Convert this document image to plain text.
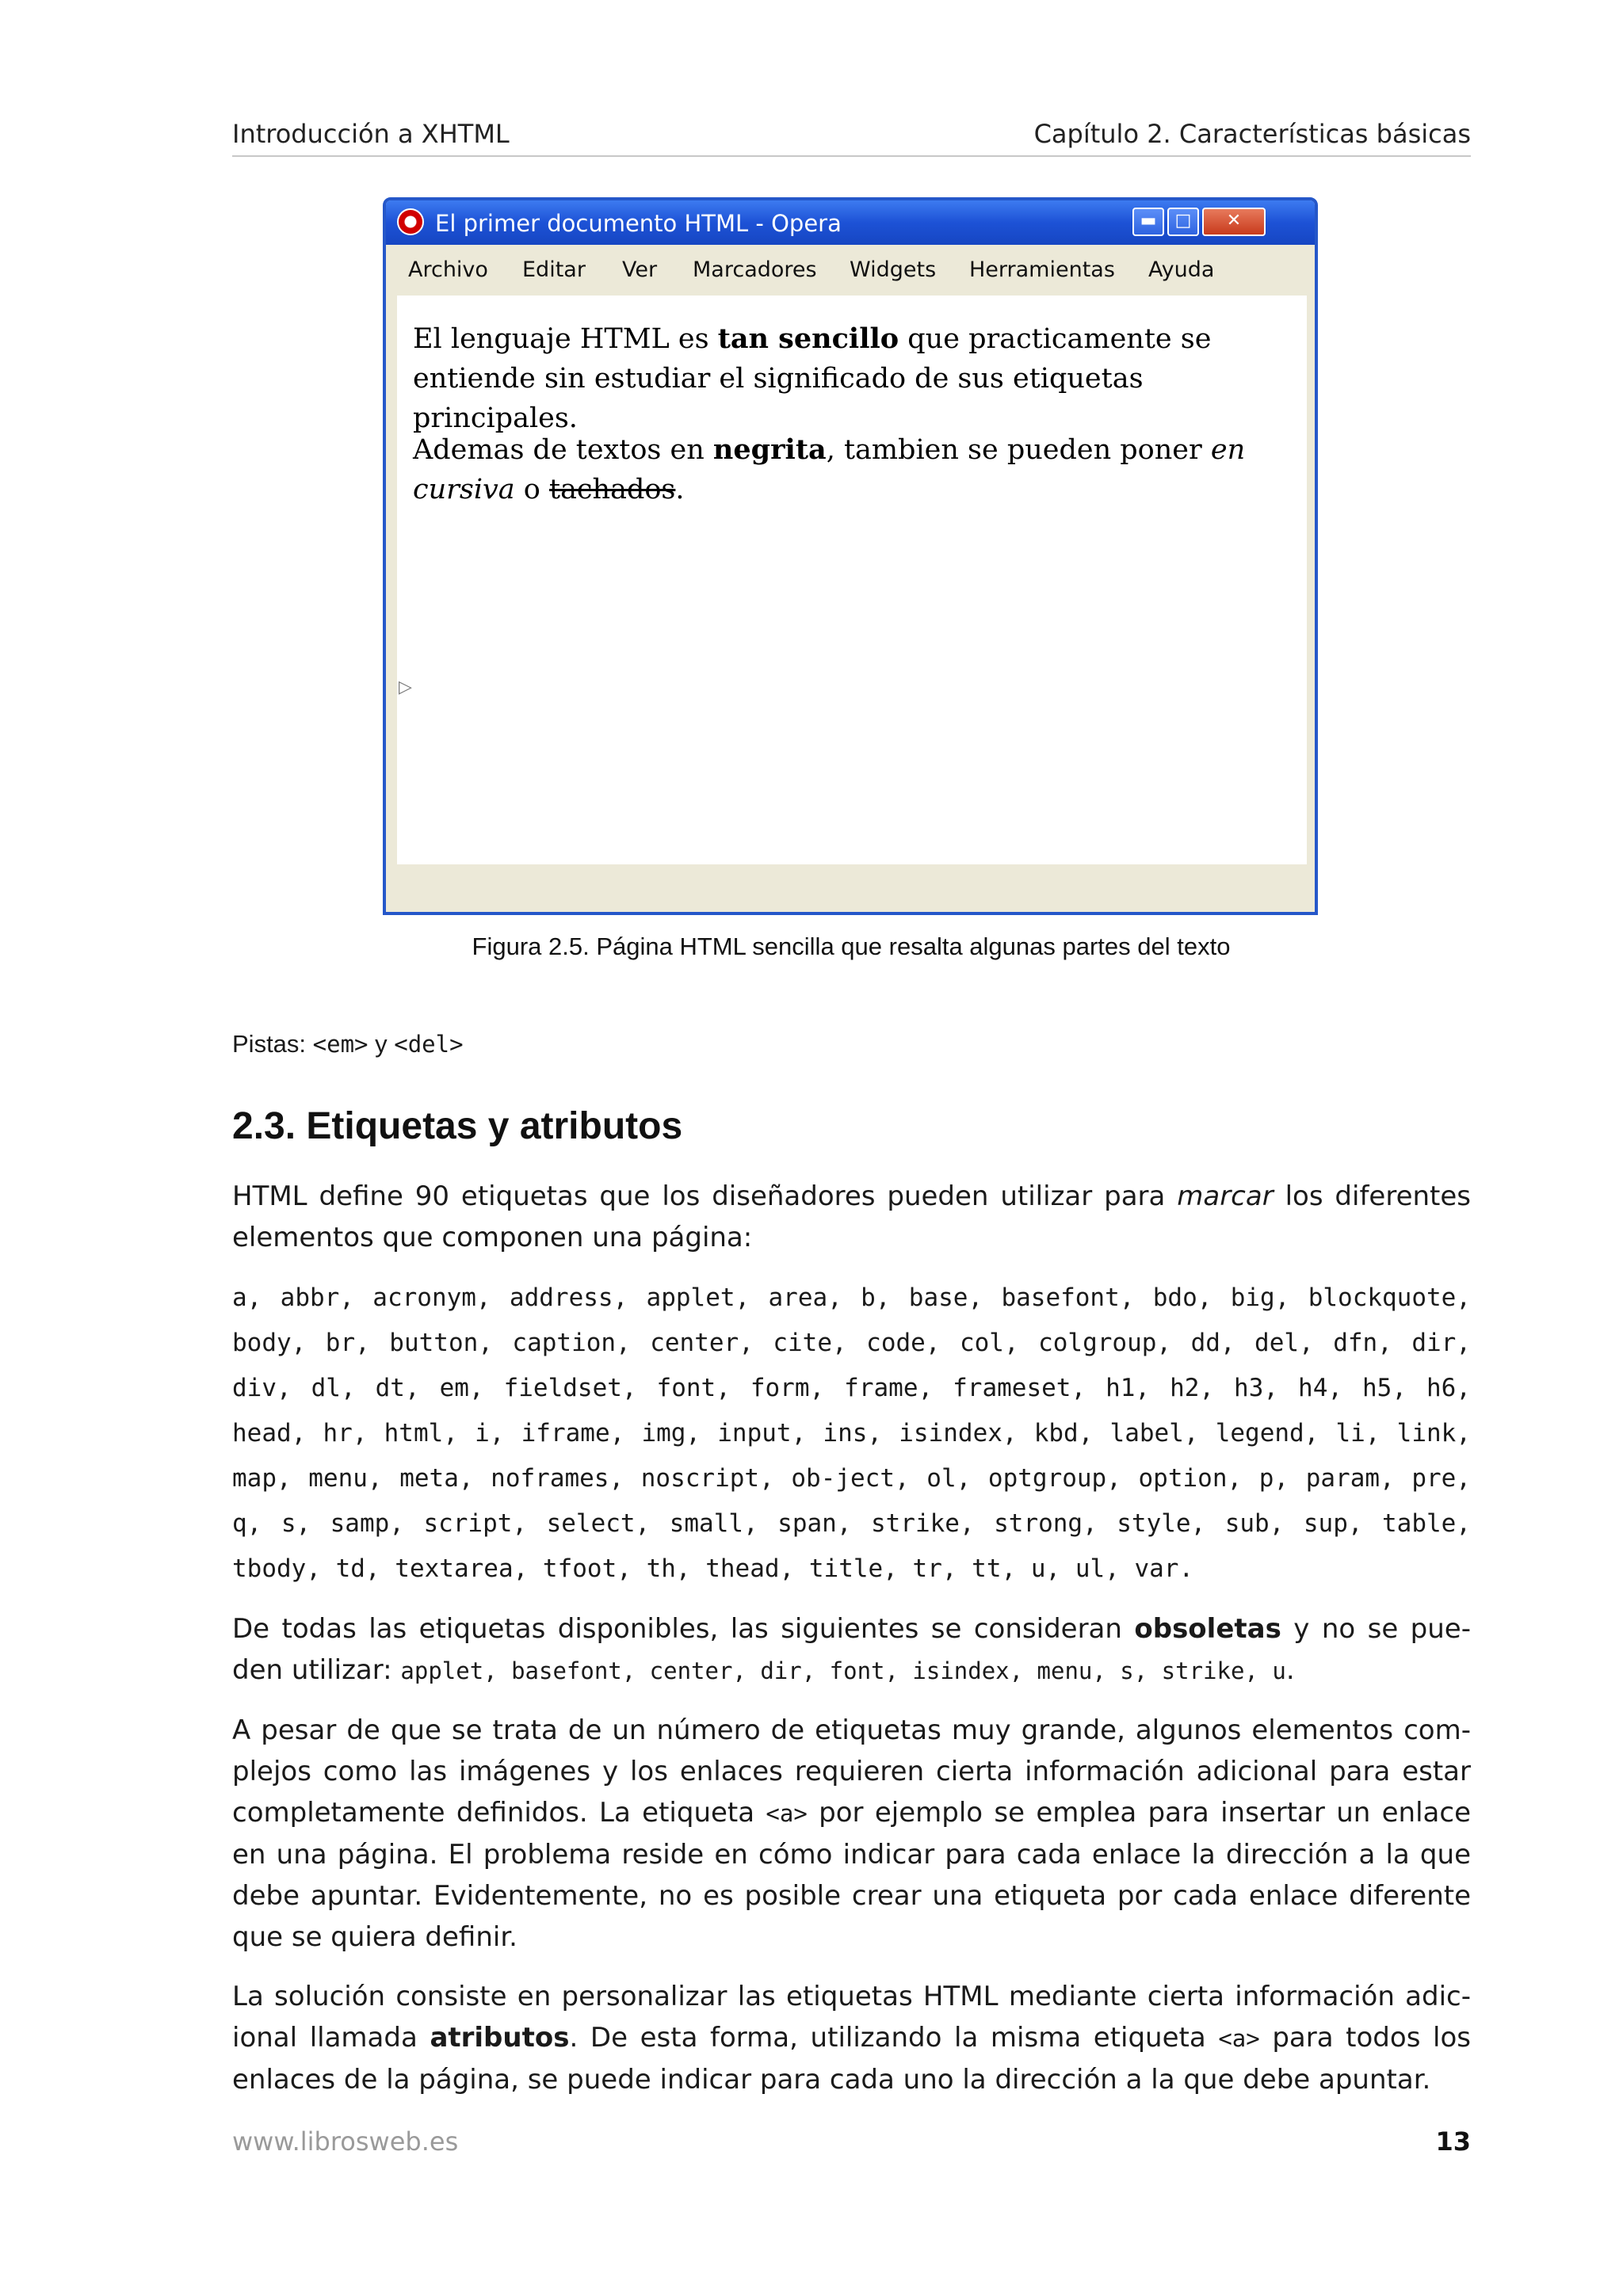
Introducción a XHTML	Capítulo 2. Características básicas
El primer documento HTML - Opera	▬	□	✕
Archivo Editar Ver Marcadores Widgets Herramientas Ayuda
▷

El lenguaje HTML es tan sencillo que practicamente se entiende sin estudiar el significado de sus etiquetas principales.

Ademas de textos en negrita, tambien se pueden poner en cursiva o tachados.

Figura 2.5. Página HTML sencilla que resalta algunas partes del texto
Pistas: <em> y <del>
2.3. Etiquetas y atributos

HTML define 90 etiquetas que los diseñadores pueden utilizar para marcar los diferentes elementos que componen una página:

a, abbr, acronym, address, applet, area, b, base, basefont, bdo, big, blockquote, body, br, button, caption, center, cite, code, col, colgroup, dd, del, dfn, dir, div, dl, dt, em, fieldset, font, form, frame, frameset, h1, h2, h3, h4, h5, h6, head, hr, html, i, iframe, img, input, ins, isindex, kbd, label, legend, li, link, map, menu, meta, noframes, noscript, ob-ject, ol, optgroup, option, p, param, pre, q, s, samp, script, select, small, span, strike, strong, style, sub, sup, table, tbody, td, textarea, tfoot, th, thead, title, tr, tt, u, ul, var.

De todas las etiquetas disponibles, las siguientes se consideran obsoletas y no se pue-den utilizar: applet, basefont, center, dir, font, isindex, menu, s, strike, u.

A pesar de que se trata de un número de etiquetas muy grande, algunos elementos com-plejos como las imágenes y los enlaces requieren cierta información adicional para estar completamente definidos. La etiqueta <a> por ejemplo se emplea para insertar un enlace en una página. El problema reside en cómo indicar para cada enlace la dirección a la que debe apuntar. Evidentemente, no es posible crear una etiqueta por cada enlace diferente que se quiera definir.

La solución consiste en personalizar las etiquetas HTML mediante cierta información adic-ional llamada atributos. De esta forma, utilizando la misma etiqueta <a> para todos los enlaces de la página, se puede indicar para cada uno la dirección a la que debe apuntar.

www.librosweb.es	13
